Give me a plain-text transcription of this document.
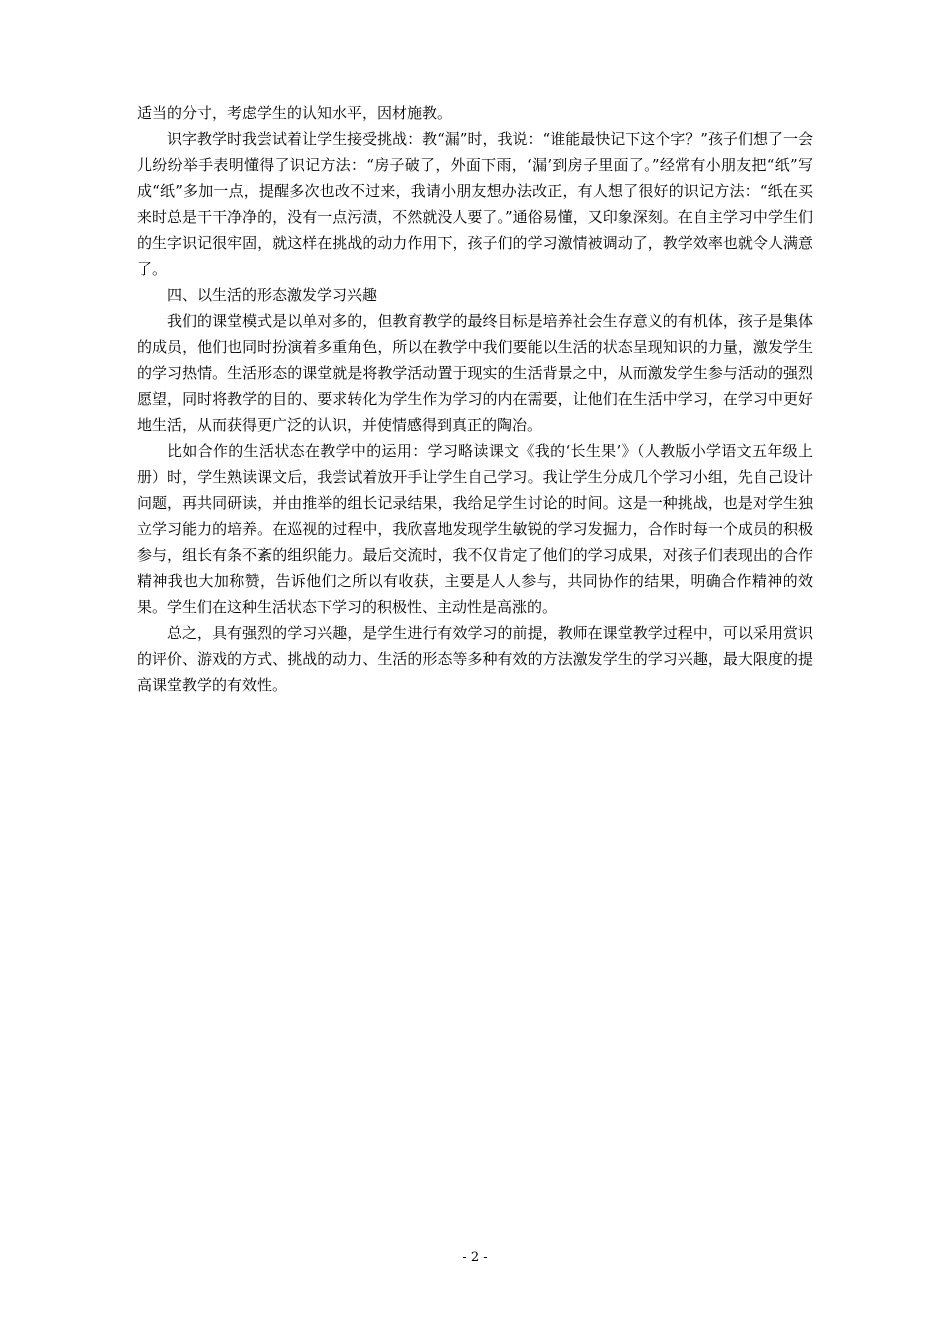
适当的分寸，考虑学生的认知水平，因材施教。

识字教学时我尝试着让学生接受挑战：教“漏”时，我说：“谁能最快记下这个字？”孩子们想了一会儿纷纷举手表明懂得了识记方法：“房子破了，外面下雨，‘漏’到房子里面了。”经常有小朋友把“纸”写成“纸”多加一点，提醒多次也改不过来，我请小朋友想办法改正，有人想了很好的识记方法：“纸在买来时总是干干净净的，没有一点污渍，不然就没人要了。”通俗易懂，又印象深刻。在自主学习中学生们的生字识记很牢固，就这样在挑战的动力作用下，孩子们的学习激情被调动了，教学效率也就令人满意了。

四、以生活的形态激发学习兴趣

我们的课堂模式是以单对多的，但教育教学的最终目标是培养社会生存意义的有机体，孩子是集体的成员，他们也同时扮演着多重角色，所以在教学中我们要能以生活的状态呈现知识的力量，激发学生的学习热情。生活形态的课堂就是将教学活动置于现实的生活背景之中，从而激发学生参与活动的强烈愿望，同时将教学的目的、要求转化为学生作为学习的内在需要，让他们在生活中学习，在学习中更好地生活，从而获得更广泛的认识，并使情感得到真正的陶冶。

比如合作的生活状态在教学中的运用：学习略读课文《我的‘长生果’》（人教版小学语文五年级上册）时，学生熟读课文后，我尝试着放开手让学生自己学习。我让学生分成几个学习小组，先自己设计问题，再共同研读，并由推举的组长记录结果，我给足学生讨论的时间。这是一种挑战，也是对学生独立学习能力的培养。在巡视的过程中，我欣喜地发现学生敏锐的学习发掘力，合作时每一个成员的积极参与，组长有条不紊的组织能力。最后交流时，我不仅肯定了他们的学习成果，对孩子们表现出的合作精神我也大加称赞，告诉他们之所以有收获，主要是人人参与，共同协作的结果，明确合作精神的效果。学生们在这种生活状态下学习的积极性、主动性是高涨的。

总之，具有强烈的学习兴趣，是学生进行有效学习的前提，教师在课堂教学过程中，可以采用赏识的评价、游戏的方式、挑战的动力、生活的形态等多种有效的方法激发学生的学习兴趣，最大限度的提高课堂教学的有效性。

- 2 -
